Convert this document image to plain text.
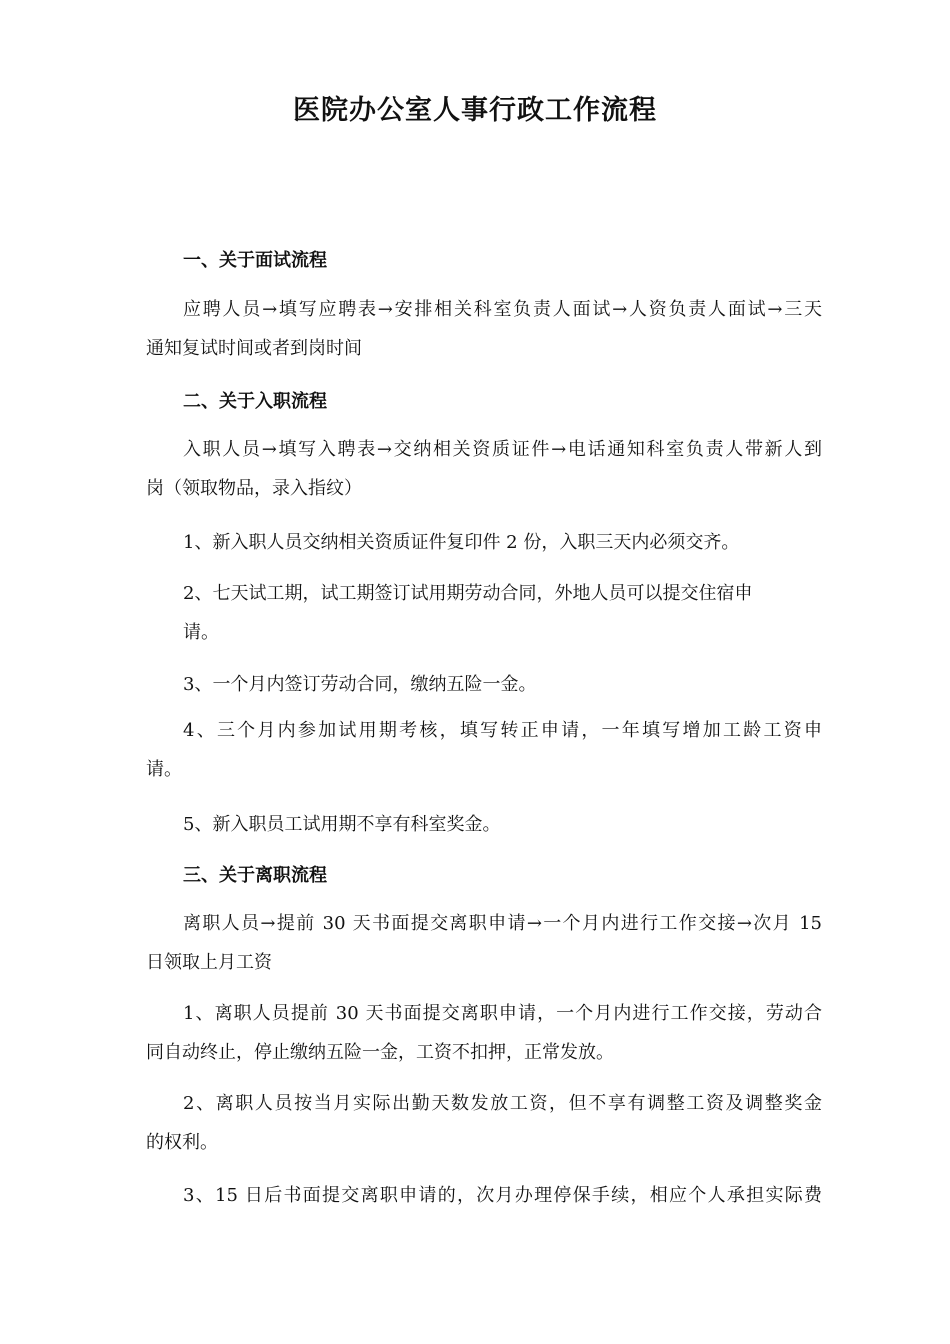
医院办公室人事行政工作流程
一、关于面试流程
应聘人员→填写应聘表→安排相关科室负责人面试→人资负责人面试→三天
通知复试时间或者到岗时间
二、关于入职流程
入职人员→填写入聘表→交纳相关资质证件→电话通知科室负责人带新人到
岗（领取物品，录入指纹）
1、新入职人员交纳相关资质证件复印件 2 份，入职三天内必须交齐。
2、七天试工期，试工期签订试用期劳动合同，外地人员可以提交住宿申
请。
3、一个月内签订劳动合同，缴纳五险一金。
4、三个月内参加试用期考核，填写转正申请，一年填写增加工龄工资申
请。
5、新入职员工试用期不享有科室奖金。
三、关于离职流程
离职人员→提前 30 天书面提交离职申请→一个月内进行工作交接→次月 15
日领取上月工资
1、离职人员提前 30 天书面提交离职申请，一个月内进行工作交接，劳动合
同自动终止，停止缴纳五险一金，工资不扣押，正常发放。
2、离职人员按当月实际出勤天数发放工资，但不享有调整工资及调整奖金
的权利。
3、15 日后书面提交离职申请的，次月办理停保手续，相应个人承担实际费
